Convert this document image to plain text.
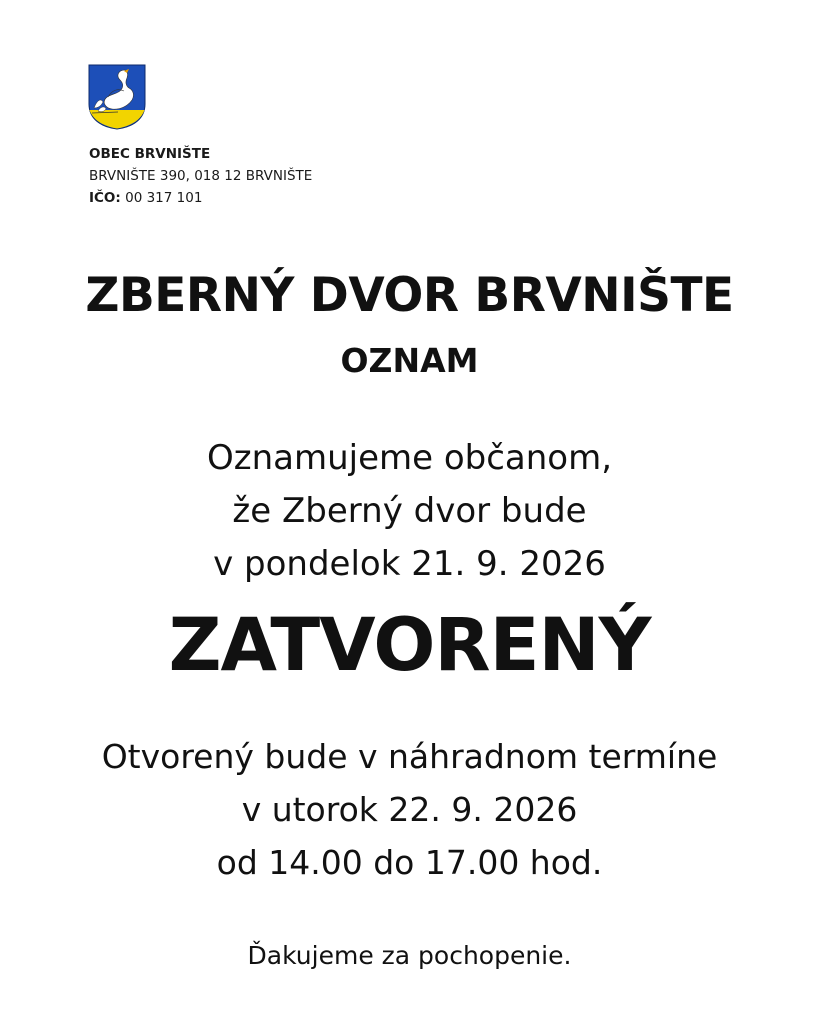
OBEC BRVNIŠTE
BRVNIŠTE 390, 018 12 BRVNIŠTE
IČO: 00 317 101
ZBERNÝ DVOR BRVNIŠTE
OZNAM
Oznamujeme občanom,
že Zberný dvor bude
v pondelok 21. 9. 2026
ZATVORENÝ
Otvorený bude v náhradnom termíne
v utorok 22. 9. 2026
od 14.00 do 17.00 hod.
Ďakujeme za pochopenie.
